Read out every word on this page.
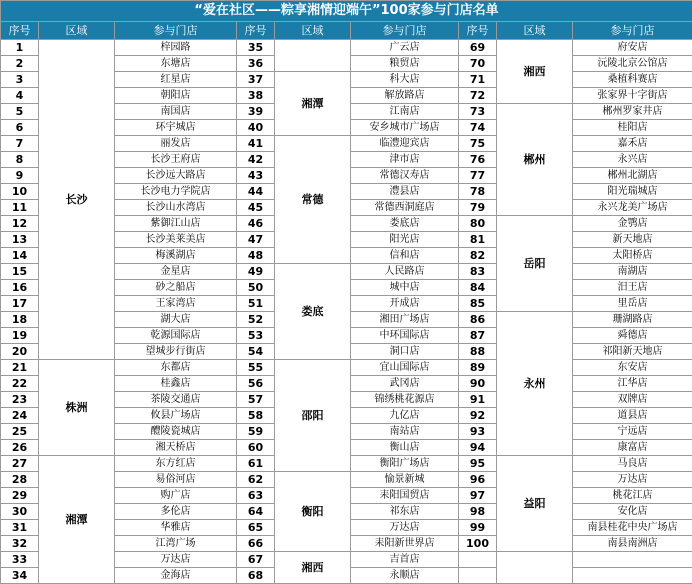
“爱在社区——粽享湘情迎端午”100家参与门店名单								
序号	区域	参与门店	序号	区域	参与门店	序号	区域	参与门店
1	长沙	梓园路	35		广云店	69	湘西	府安店
2		东塘店	36		粮贸店	70		沅陵北京公馆店
3		红星店	37	湘潭	科大店	71		桑植科赛店
4		朝阳店	38		解放路店	72		张家界十字街店
5		南国店	39		江南店	73	郴州	郴州罗家井店
6		环宇城店	40		安乡城市广场店	74		桂阳店
7		丽发店	41	常德	临澧迎宾店	75		嘉禾店
8		长沙王府店	42		津市店	76		永兴店
9		长沙远大路店	43		常德汉寿店	77		郴州北湖店
10		长沙电力学院店	44		澧县店	78		阳光瑞城店
11		长沙山水湾店	45		常德西洞庭店	79		永兴龙美广场店
12		紫御江山店	46		娄底店	80	岳阳	金鹗店
13		长沙美莱美店	47		阳光店	81		新天地店
14		梅溪湖店	48		信和店	82		太阳桥店
15		金星店	49	娄底	人民路店	83		南湖店
16		砂之船店	50		城中店	84		汨王店
17		王家湾店	51		开成店	85		里岳店
18		湖大店	52		湘田广场店	86	永州	珊湖路店
19		乾源国际店	53		中环国际店	87		舜德店
20		望城步行街店	54		洞口店	88		祁阳新天地店
21	株洲	东都店	55	邵阳	宜山国际店	89		东安店
22		桂鑫店	56		武冈店	90		江华店
23		茶陵交通店	57		锦绣桃花源店	91		双牌店
24		攸县广场店	58		九亿店	92		道县店
25		醴陵瓷城店	59		南站店	93		宁远店
26		湘天桥店	60		衡山店	94		康富店
27	湘潭	东方红店	61		衡阳广场店	95	益阳	马良店
28		易俗河店	62	衡阳	愉景新城	96		万达店
29		购广店	63		耒阳国贸店	97		桃花江店
30		多伦店	64		祁东店	98		安化店
31		华雅店	65		万达店	99		南县桂花中央广场店
32		江湾广场	66		耒阳新世界店	100		南县南洲店
33		万达店	67	湘西	吉首店			
34		金海店	68		永顺店			
